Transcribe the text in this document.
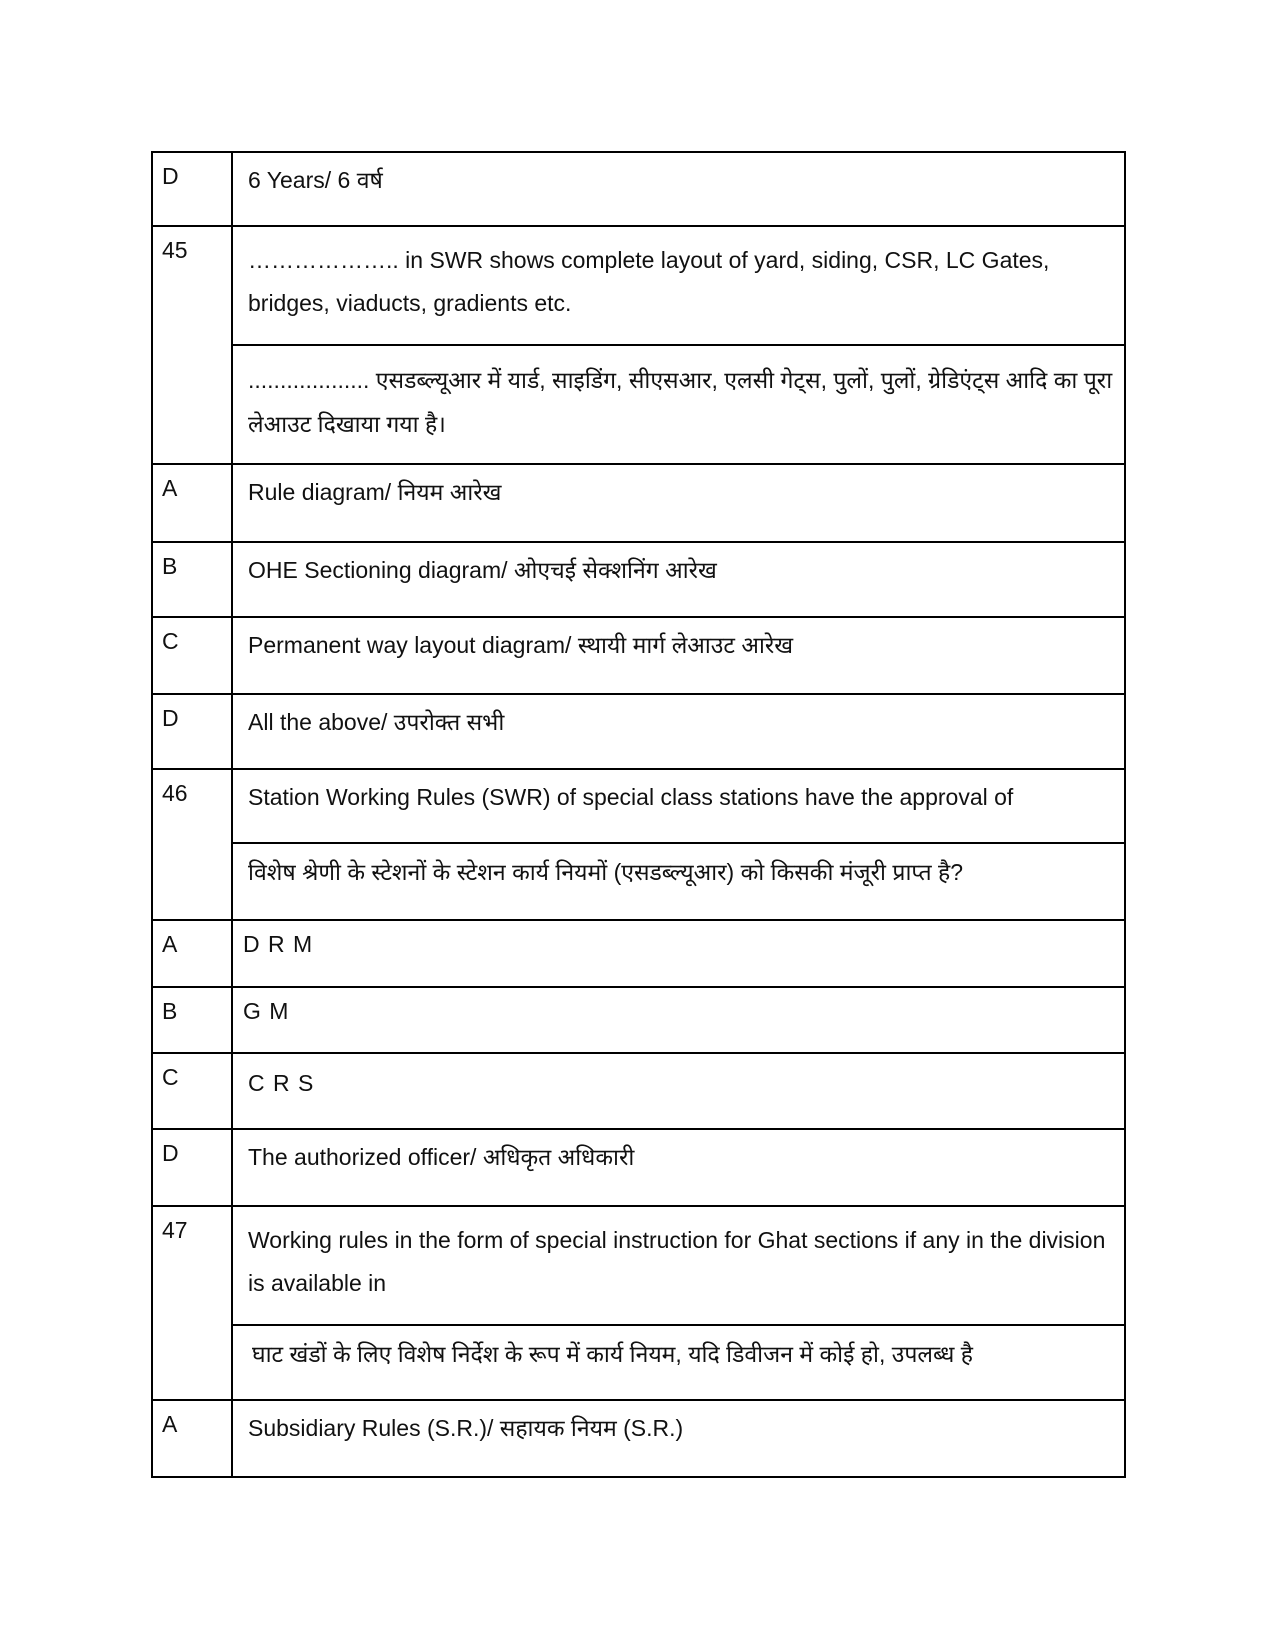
D	6 Years/ 6 वर्ष
45	……………….. in SWR shows complete layout of yard, siding, CSR, LC Gates, bridges, viaducts, gradients etc.
	................... एसडब्ल्यूआर में यार्ड, साइडिंग, सीएसआर, एलसी गेट्स, पुलों, पुलों, ग्रेडिएंट्स आदि का पूरा लेआउट दिखाया गया है।
A	Rule diagram/ नियम आरेख
B	OHE Sectioning diagram/ ओएचई सेक्शनिंग आरेख
C	Permanent way layout diagram/ स्थायी मार्ग लेआउट आरेख
D	All the above/ उपरोक्त सभी
46	Station Working Rules (SWR) of special class stations have the approval of
	विशेष श्रेणी के स्टेशनों के स्टेशन कार्य नियमों (एसडब्ल्यूआर) को किसकी मंजूरी प्राप्त है?
A	D R M
B	G M
C	C R S
D	The authorized officer/ अधिकृत अधिकारी
47	Working rules in the form of special instruction for Ghat sections if any in the division is available in
	घाट खंडों के लिए विशेष निर्देश के रूप में कार्य नियम, यदि डिवीजन में कोई हो, उपलब्ध है
A	Subsidiary Rules (S.R.)/ सहायक नियम (S.R.)
